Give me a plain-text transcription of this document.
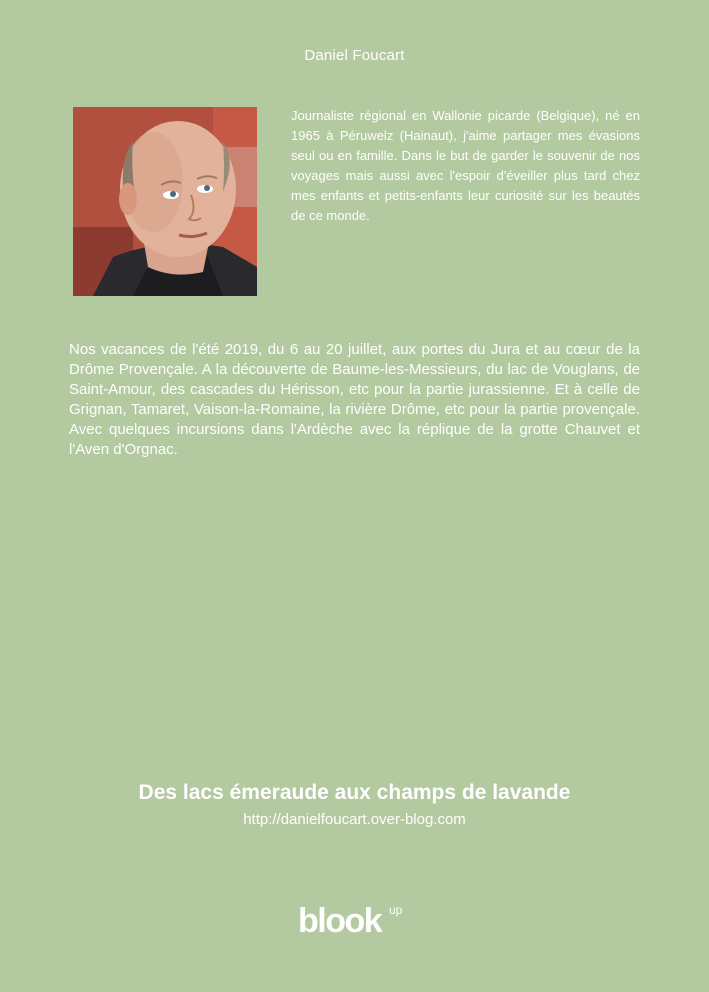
Daniel Foucart

Journaliste régional en Wallonie picarde (Belgique), né en 1965 à Péruwelz (Hainaut), j'aime partager mes évasions seul ou en famille. Dans le but de garder le souvenir de nos voyages mais aussi avec l'espoir d'éveiller plus tard chez mes enfants et petits-enfants leur curiosité sur les beautés de ce monde.

Nos vacances de l'été 2019, du 6 au 20 juillet, aux portes du Jura et au cœur de la Drôme Provençale. A la découverte de Baume-les-Messieurs, du lac de Vouglans, de Saint-Amour, des cascades du Hérisson, etc pour la partie jurassienne. Et à celle de Grignan, Tamaret, Vaison-la-Romaine, la rivière Drôme, etc pour la partie provençale. Avec quelques incursions dans l'Ardèche avec la réplique de la grotte Chauvet et l'Aven d'Orgnac.

Des lacs émeraude aux champs de lavande
http://danielfoucart.over-blog.com
blook up
